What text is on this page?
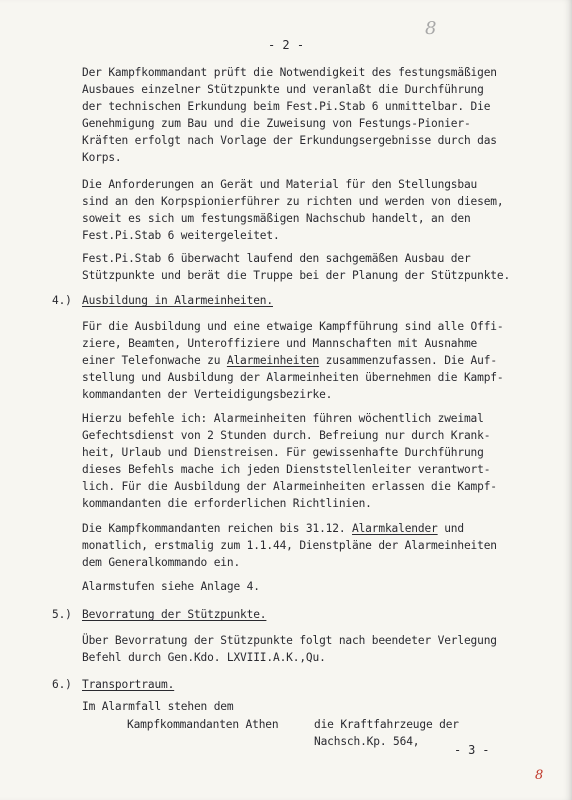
- 2 -

8

Der Kampfkommandant prüft die Notwendigkeit des festungsmäßigen

Ausbaues einzelner Stützpunkte und veranlaßt die Durchführung

der technischen Erkundung beim Fest.Pi.Stab 6 unmittelbar. Die

Genehmigung zum Bau und die Zuweisung von Festungs-Pionier-

Kräften erfolgt nach Vorlage der Erkundungsergebnisse durch das

Korps.

Die Anforderungen an Gerät und Material für den Stellungsbau

sind an den Korpspionierführer zu richten und werden von diesem,

soweit es sich um festungsmäßigen Nachschub handelt, an den

Fest.Pi.Stab 6 weitergeleitet.

Fest.Pi.Stab 6 überwacht laufend den sachgemäßen Ausbau der

Stützpunkte und berät die Truppe bei der Planung der Stützpunkte.

4.) Ausbildung in Alarmeinheiten.

Für die Ausbildung und eine etwaige Kampfführung sind alle Offi-

ziere, Beamten, Unteroffiziere und Mannschaften mit Ausnahme

einer Telefonwache zu Alarmeinheiten zusammenzufassen. Die Auf-

stellung und Ausbildung der Alarmeinheiten übernehmen die Kampf-

kommandanten der Verteidigungsbezirke.

Hierzu befehle ich: Alarmeinheiten führen wöchentlich zweimal

Gefechtsdienst von 2 Stunden durch. Befreiung nur durch Krank-

heit, Urlaub und Dienstreisen. Für gewissenhafte Durchführung

dieses Befehls mache ich jeden Dienststellenleiter verantwort-

lich. Für die Ausbildung der Alarmeinheiten erlassen die Kampf-

kommandanten die erforderlichen Richtlinien.

Die Kampfkommandanten reichen bis 31.12. Alarmkalender und

monatlich, erstmalig zum 1.1.44, Dienstpläne der Alarmeinheiten

dem Generalkommando ein.

Alarmstufen siehe Anlage 4.

5.) Bevorratung der Stützpunkte.

Über Bevorratung der Stützpunkte folgt nach beendeter Verlegung

Befehl durch Gen.Kdo. LXVIII.A.K.,Qu.

6.) Transportraum.

Im Alarmfall stehen dem

Kampfkommandanten Athen	die Kraftfahrzeuge der

Nachsch.Kp. 564,

- 3 -

8
